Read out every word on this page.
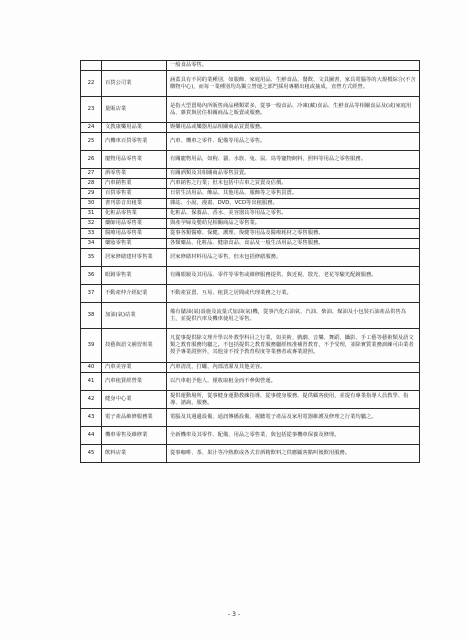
		一般食品零售。
22	百貨公司業	涵蓋具有不同的業種別，如服飾、家庭用品、生鮮食品、餐飲、文具圖書，家具電腦等的大規模綜合(不含購物中心)，而每一業種別均為獨立營運之部門採用專櫃出租或抽成，直營方式經營。
23	量販店業	是指大型賣場內所販售商品種類眾多，從事一般食品、冷凍(藏)食品、生鮮食品等相關食品及(或)家庭用品、雜貨與居住相關商品之販賣或服務。
24	文教康樂用品業	娛樂用品或樂器用品相關商品買賣服務。
25	汽機車百貨零售業	汽車、機車之零件、配備等用品之零售。
26	寵物用品零售業	有關寵物用品，如狗、貓、水族、兔、鼠、鳥等寵物飼料，照料等用品之零售服務。
27	酒零售業	有關酒類及其相關商品零售買賣。
28	汽車銷售業	汽車銷售之行業；但未包括中古車之買賣及估價。
29	百貨零售業	日常生活用品、飾品、其他用品、服飾等之零售買賣。
30	書刊影音出租業	雜誌、小說、漫畫、DVD、VCD等出租服務。
31	化粧品零售業	化粧品、保養品、香水、美容器具等用品之零售。
32	藥師用品零售業	與產孕婦及嬰幼兒相關商品之零售業。
33	醫療用品零售業	從事各類醫療、保健、護理、復健等用品及醫療耗材之零售服務。
34	藥妝零售業	各類藥品、化粧品、健康食品、食品及一般生活用品之零售服務。
35	居家修繕建材零售業	居家修繕材料用品之零售，但未包括修繕服務。
36	眼鏡零售業	有關眼鏡及其用品、零件等零售或維修服務提供，與近視、散光、老花等驗光配鏡服務。
37	不動產仲介經紀業	不動產買賣、互易、租賃之居間或代理業務之行業。
38	加油(氣)站業	備有儲油(氣)設施及流量式加油(氣)機，從事汽化石油氣、汽油、柴油、煤油及小包裝石油產品供售為主，並提供汽車及機車使用之零售。
39	技藝與語文補習班業	凡從事提供除文理升學以外教學科目之行業，如美術、戲劇、音樂、舞蹈、攝影、手工藝等藝術類及語文類之教育服務均屬之。不包括提供之教育服務屬經核准補習教育，不予受理，並除實質業務訓練可由業者授予專業證照外，其他並不授予教育程度等業務者或專業證照。
40	汽車美容業	汽車清洗、打蠟、內部清潔及其他美容。
41	汽車租賃經營業	以汽車租予他人，僅收取租金而不參與營運。
42	健身中心業	提供運動場所，從事健身運動教練指導，從事健身服務，提供顧客使用，並提有專業指導人員教學、指導、諮詢、服務。
43	電子產品維修服務業	電腦及其週邊設備、通訊傳播設備、視聽電子產品及家用電器維護及修理之行業均屬之。
44	機車零售及維修業	全新機車及其零件、配備、用品之零售業，與包括從事機車保養及修理。
45	飲料店業	從事咖啡、茶、果汁等冷熱飲或各式非酒精飲料之供應顧客點叫後飲用服務。
- 3 -
